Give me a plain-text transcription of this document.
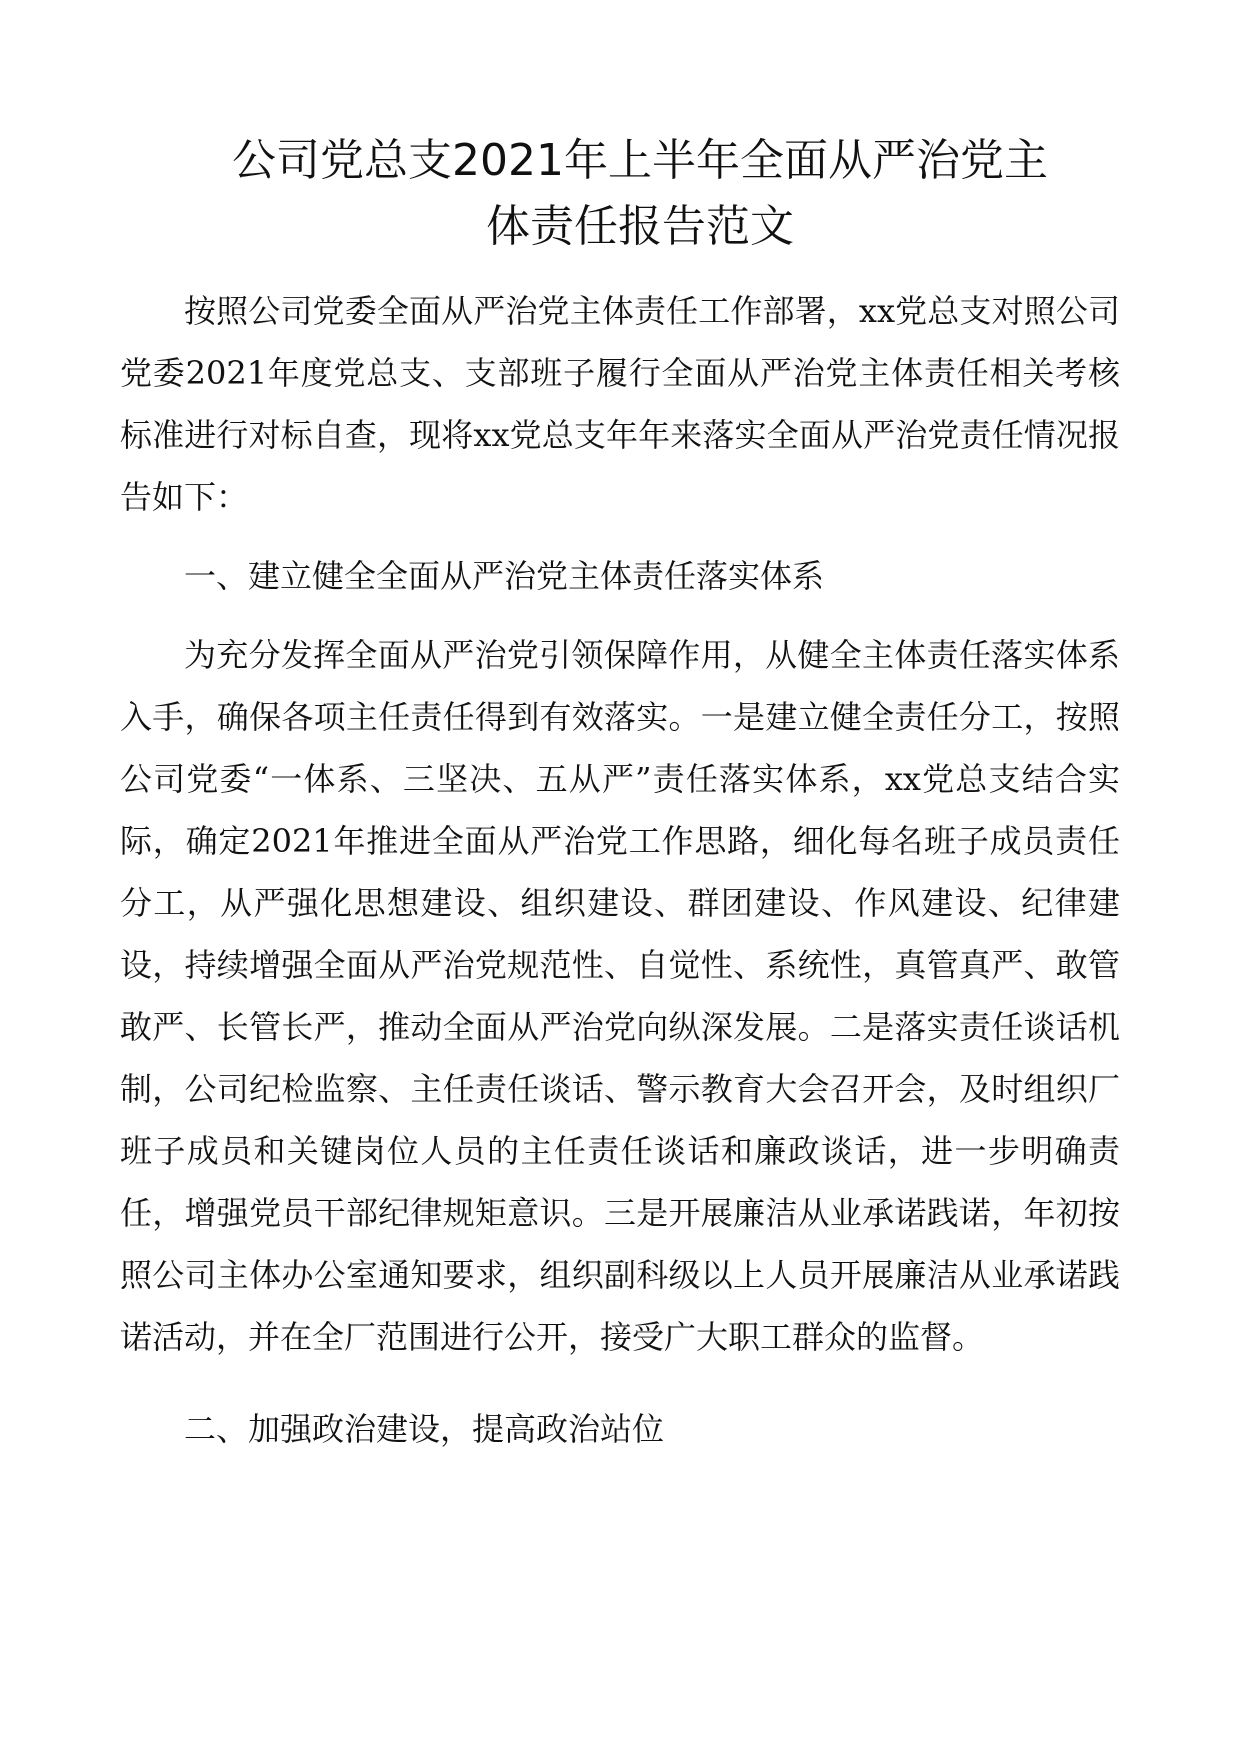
公司党总支2021年上半年全面从严治党主
体责任报告范文

按照公司党委全面从严治党主体责任工作部署，xx党总支对照公司党委2021年度党总支、支部班子履行全面从严治党主体责任相关考核标准进行对标自查，现将xx党总支年年来落实全面从严治党责任情况报告如下：

一、建立健全全面从严治党主体责任落实体系

为充分发挥全面从严治党引领保障作用，从健全主体责任落实体系入手，确保各项主任责任得到有效落实。一是建立健全责任分工，按照公司党委“一体系、三坚决、五从严”责任落实体系，xx党总支结合实际，确定2021年推进全面从严治党工作思路，细化每名班子成员责任分工，从严强化思想建设、组织建设、群团建设、作风建设、纪律建设，持续增强全面从严治党规范性、自觉性、系统性，真管真严、敢管敢严、长管长严，推动全面从严治党向纵深发展。二是落实责任谈话机制，公司纪检监察、主任责任谈话、警示教育大会召开会，及时组织厂班子成员和关键岗位人员的主任责任谈话和廉政谈话，进一步明确责任，增强党员干部纪律规矩意识。三是开展廉洁从业承诺践诺，年初按照公司主体办公室通知要求，组织副科级以上人员开展廉洁从业承诺践诺活动，并在全厂范围进行公开，接受广大职工群众的监督。

二、加强政治建设，提高政治站位
